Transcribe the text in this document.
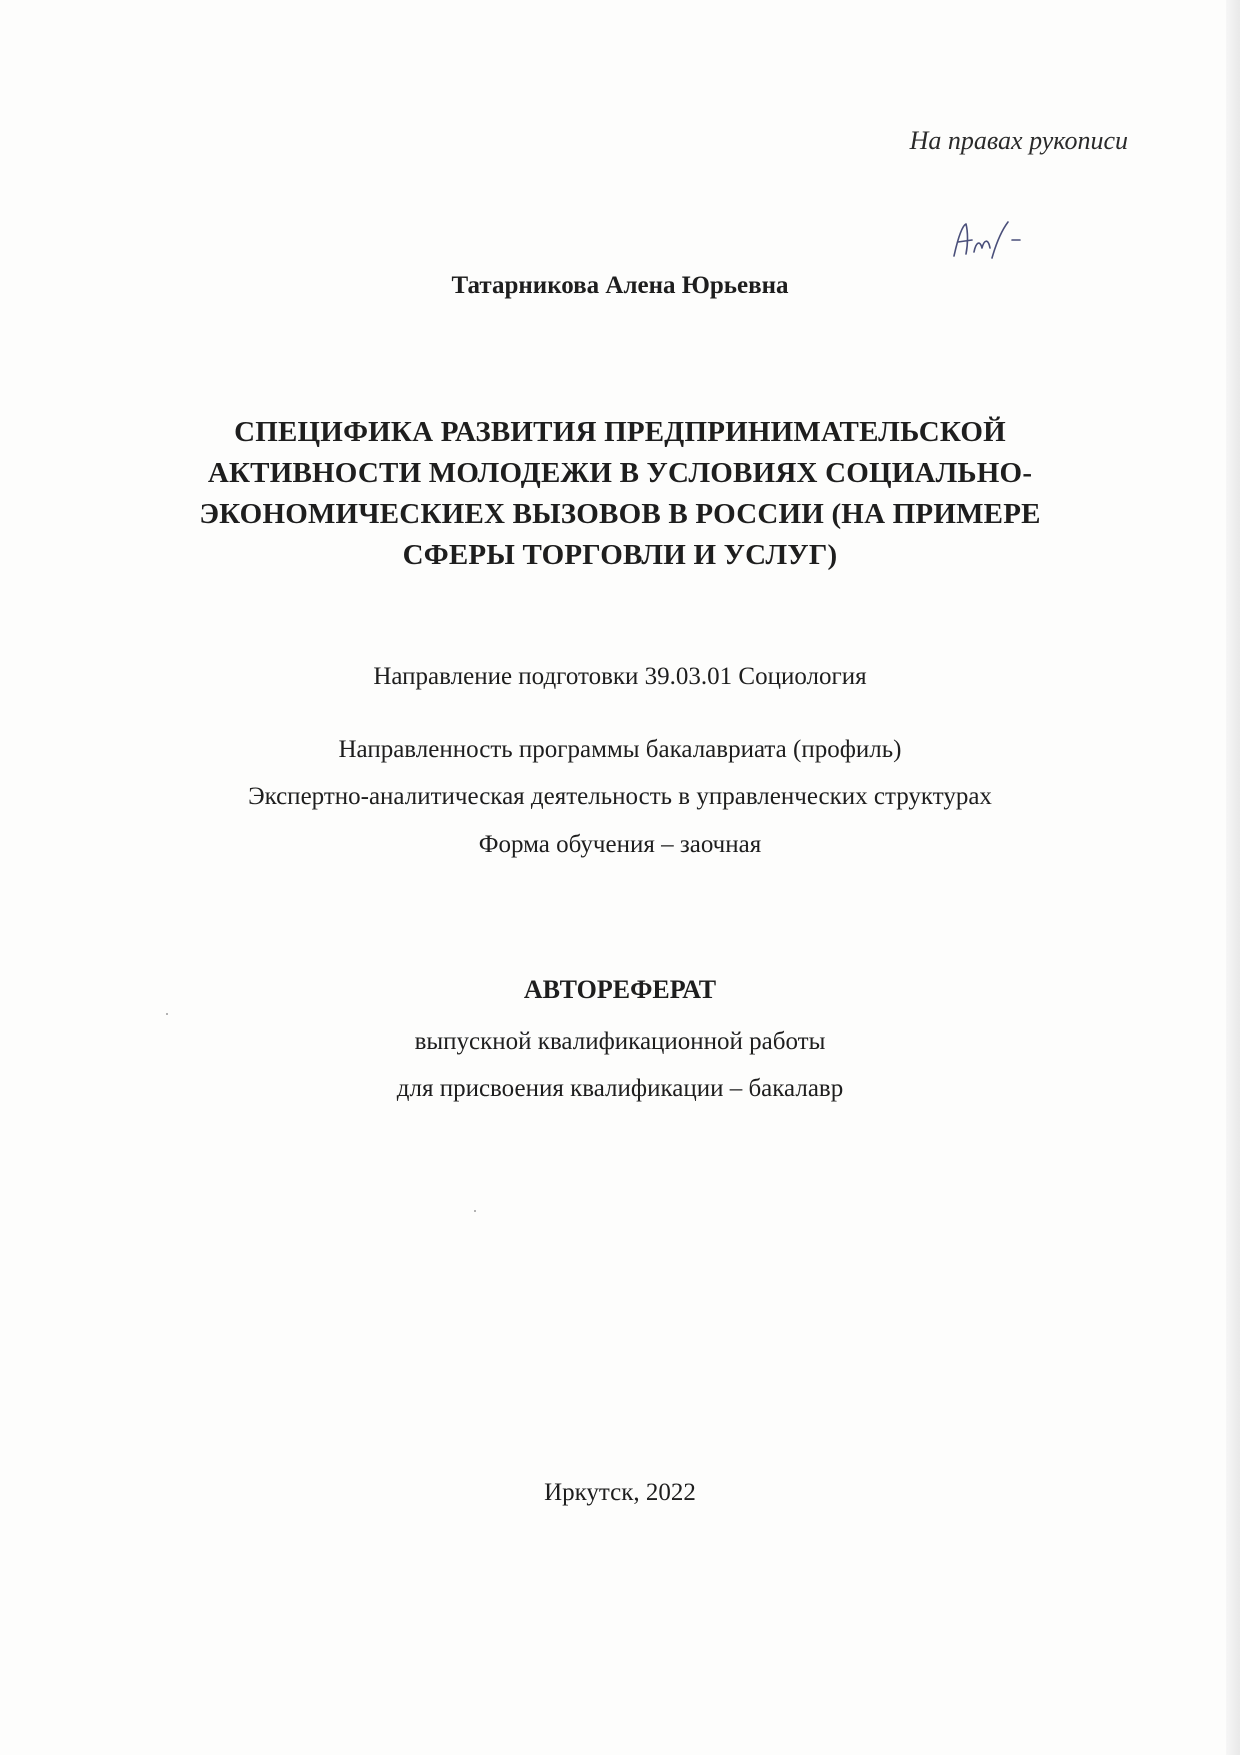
На правах рукописи
Татарникова Алена Юрьевна
СПЕЦИФИКА РАЗВИТИЯ ПРЕДПРИНИМАТЕЛЬСКОЙ
АКТИВНОСТИ МОЛОДЕЖИ В УСЛОВИЯХ СОЦИАЛЬНО-
ЭКОНОМИЧЕСКИЕХ ВЫЗОВОВ В РОССИИ (НА ПРИМЕРЕ
СФЕРЫ ТОРГОВЛИ И УСЛУГ)
Направление подготовки 39.03.01 Социология
Направленность программы бакалавриата (профиль)
Экспертно-аналитическая деятельность в управленческих структурах
Форма обучения – заочная
АВТОРЕФЕРАТ
выпускной квалификационной работы
для присвоения квалификации – бакалавр
Иркутск, 2022
